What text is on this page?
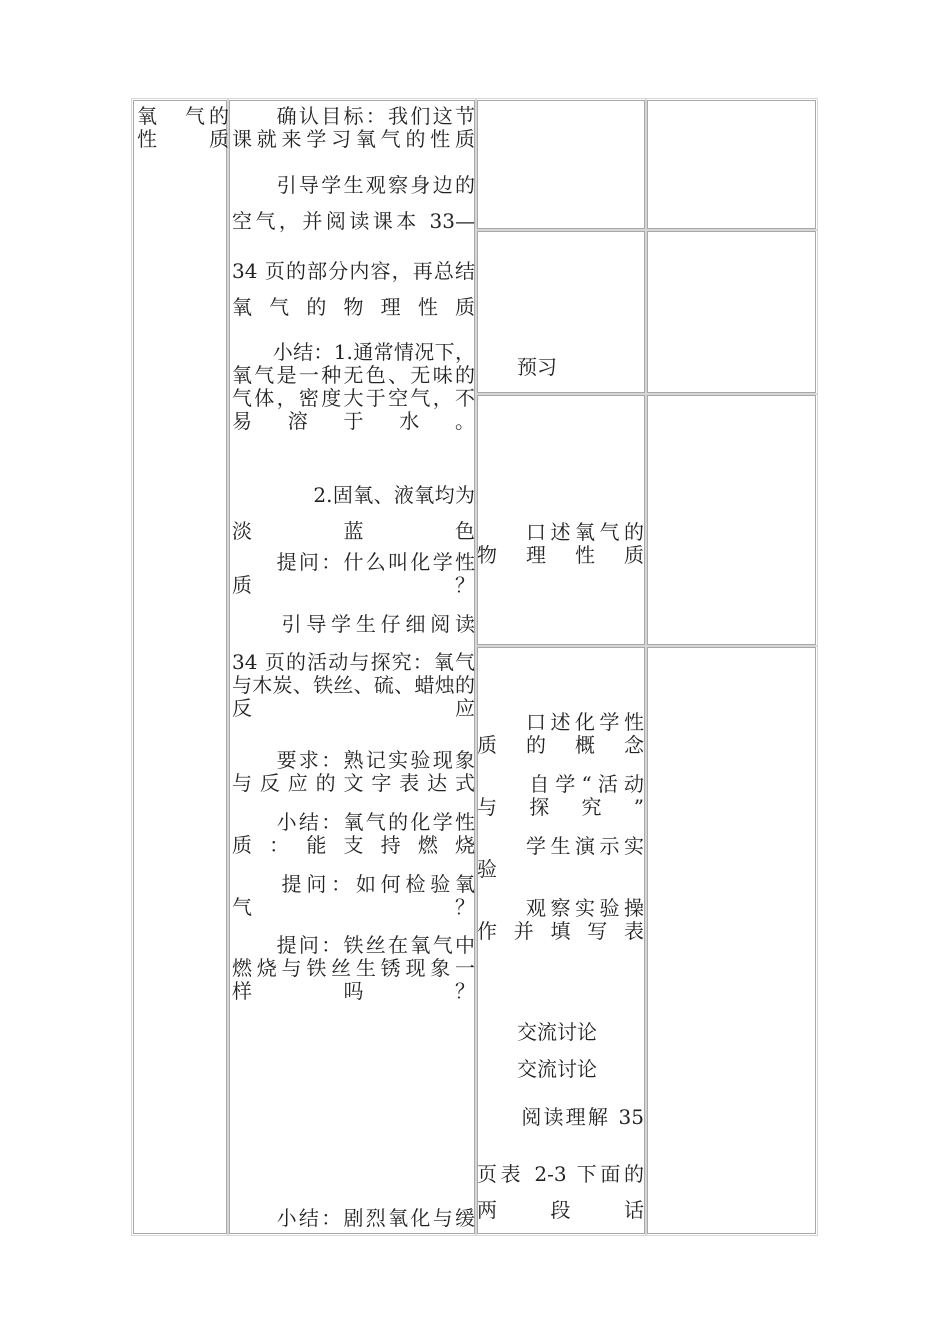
氧　气的性质
　　确认目标：我们这节
课就来学习氧气的性质
　　引导学生观察身边的
空气，并阅读课本 33—
34 页的部分内容，再总结
氧气的物理性质
　　小结：1.通常情况下，
氧气是一种无色、无味的
气体，密度大于空气，不
易溶于水。
　　　　2.固氧、液氧均为
淡蓝色
　　提问：什么叫化学性
质？
　　引导学生仔细阅读
34 页的活动与探究：氧气
与木炭、铁丝、硫、蜡烛的
反应
　　要求：熟记实验现象
与反应的文字表达式
　　小结：氧气的化学性
质：能支持燃烧
　　提问：如何检验氧
气？
　　提问：铁丝在氧气中
燃烧与铁丝生锈现象一
样吗？
　　小结：剧烈氧化与缓
　　预习
　　口述氧气的
物理性质
　　口述化学性
质的概念
　　自学“活动
与探究”
　　学生演示实
验
　　观察实验操
作并填写表
　　交流讨论
　　交流讨论
　　阅读理解 35
页表 2-3 下面的
两段话
